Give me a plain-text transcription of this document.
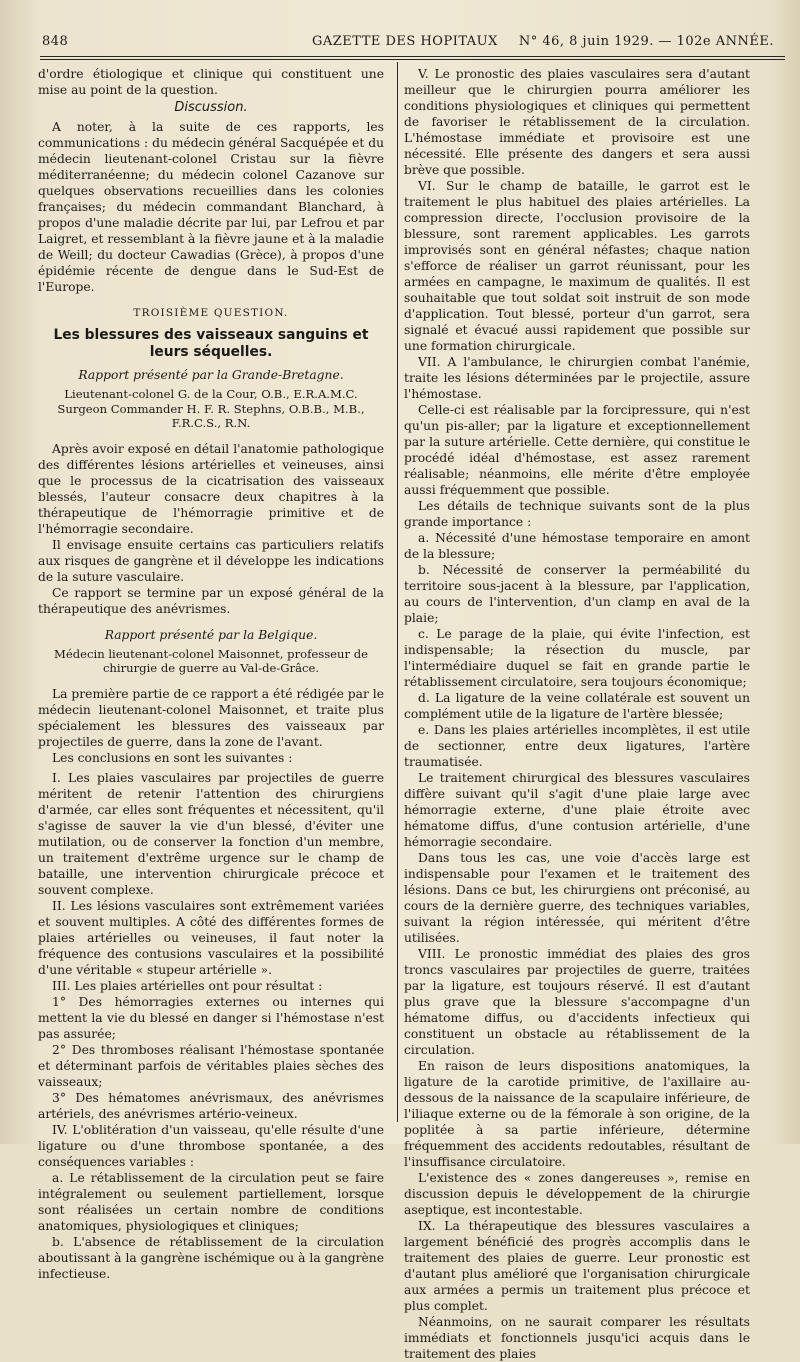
848	GAZETTE DES HOPITAUX N° 46, 8 juin 1929. — 102e ANNÉE.

d'ordre étiologique et clinique qui constituent une mise au point de la question.

Discussion.

A noter, à la suite de ces rapports, les communications : du médecin général Sacquépée et du médecin lieutenant-colonel Cristau sur la fièvre méditerranéenne; du médecin colonel Cazanove sur quelques observations recueillies dans les colonies françaises; du médecin commandant Blanchard, à propos d'une maladie décrite par lui, par Lefrou et par Laigret, et ressemblant à la fièvre jaune et à la maladie de Weill; du docteur Cawadias (Grèce), à propos d'une épidémie récente de dengue dans le Sud-Est de l'Europe.

TROISIÈME QUESTION.
Les blessures des vaisseaux sanguins et leurs séquelles.
Rapport présenté par la Grande-Bretagne.
Lieutenant-colonel G. de la Cour, O.B., E.R.A.M.C. Surgeon Commander H. F. R. Stephns, O.B.B., M.B., F.R.C.S., R.N.

Après avoir exposé en détail l'anatomie pathologique des différentes lésions artérielles et veineuses, ainsi que le processus de la cicatrisation des vaisseaux blessés, l'auteur consacre deux chapitres à la thérapeutique de l'hémorragie primitive et de l'hémorragie secondaire.

Il envisage ensuite certains cas particuliers relatifs aux risques de gangrène et il développe les indications de la suture vasculaire.

Ce rapport se termine par un exposé général de la thérapeutique des anévrismes.

Rapport présenté par la Belgique.
Médecin lieutenant-colonel Maisonnet, professeur de chirurgie de guerre au Val-de-Grâce.

La première partie de ce rapport a été rédigée par le médecin lieutenant-colonel Maisonnet, et traite plus spécialement les blessures des vaisseaux par projectiles de guerre, dans la zone de l'avant.

Les conclusions en sont les suivantes :

I. Les plaies vasculaires par projectiles de guerre méritent de retenir l'attention des chirurgiens d'armée, car elles sont fréquentes et nécessitent, qu'il s'agisse de sauver la vie d'un blessé, d'éviter une mutilation, ou de conserver la fonction d'un membre, un traitement d'extrême urgence sur le champ de bataille, une intervention chirurgicale précoce et souvent complexe.

II. Les lésions vasculaires sont extrêmement variées et souvent multiples. A côté des différentes formes de plaies artérielles ou veineuses, il faut noter la fréquence des contusions vasculaires et la possibilité d'une véritable « stupeur artérielle ».

III. Les plaies artérielles ont pour résultat :

1° Des hémorragies externes ou internes qui mettent la vie du blessé en danger si l'hémostase n'est pas assurée;

2° Des thromboses réalisant l'hémostase spontanée et déterminant parfois de véritables plaies sèches des vaisseaux;

3° Des hématomes anévrismaux, des anévrismes artériels, des anévrismes artério-veineux.

IV. L'oblitération d'un vaisseau, qu'elle résulte d'une ligature ou d'une thrombose spontanée, a des conséquences variables :

a. Le rétablissement de la circulation peut se faire intégralement ou seulement partiellement, lorsque sont réalisées un certain nombre de conditions anatomiques, physiologiques et cliniques;

b. L'absence de rétablissement de la circulation aboutissant à la gangrène ischémique ou à la gangrène infectieuse.

V. Le pronostic des plaies vasculaires sera d'autant meilleur que le chirurgien pourra améliorer les conditions physiologiques et cliniques qui permettent de favoriser le rétablissement de la circulation. L'hémostase immédiate et provisoire est une nécessité. Elle présente des dangers et sera aussi brève que possible.

VI. Sur le champ de bataille, le garrot est le traitement le plus habituel des plaies artérielles. La compression directe, l'occlusion provisoire de la blessure, sont rarement applicables. Les garrots improvisés sont en général néfastes; chaque nation s'efforce de réaliser un garrot réunissant, pour les armées en campagne, le maximum de qualités. Il est souhaitable que tout soldat soit instruit de son mode d'application. Tout blessé, porteur d'un garrot, sera signalé et évacué aussi rapidement que possible sur une formation chirurgicale.

VII. A l'ambulance, le chirurgien combat l'anémie, traite les lésions déterminées par le projectile, assure l'hémostase.

Celle-ci est réalisable par la forcipressure, qui n'est qu'un pis-aller; par la ligature et exceptionnellement par la suture artérielle. Cette dernière, qui constitue le procédé idéal d'hémostase, est assez rarement réalisable; néanmoins, elle mérite d'être employée aussi fréquemment que possible.

Les détails de technique suivants sont de la plus grande importance :

a. Nécessité d'une hémostase temporaire en amont de la blessure;

b. Nécessité de conserver la perméabilité du territoire sous-jacent à la blessure, par l'application, au cours de l'intervention, d'un clamp en aval de la plaie;

c. Le parage de la plaie, qui évite l'infection, est indispensable; la résection du muscle, par l'intermédiaire duquel se fait en grande partie le rétablissement circulatoire, sera toujours économique;

d. La ligature de la veine collatérale est souvent un complément utile de la ligature de l'artère blessée;

e. Dans les plaies artérielles incomplètes, il est utile de sectionner, entre deux ligatures, l'artère traumatisée.

Le traitement chirurgical des blessures vasculaires diffère suivant qu'il s'agit d'une plaie large avec hémorragie externe, d'une plaie étroite avec hématome diffus, d'une contusion artérielle, d'une hémorragie secondaire.

Dans tous les cas, une voie d'accès large est indispensable pour l'examen et le traitement des lésions. Dans ce but, les chirurgiens ont préconisé, au cours de la dernière guerre, des techniques variables, suivant la région intéressée, qui méritent d'être utilisées.

VIII. Le pronostic immédiat des plaies des gros troncs vasculaires par projectiles de guerre, traitées par la ligature, est toujours réservé. Il est d'autant plus grave que la blessure s'accompagne d'un hématome diffus, ou d'accidents infectieux qui constituent un obstacle au rétablissement de la circulation.

En raison de leurs dispositions anatomiques, la ligature de la carotide primitive, de l'axillaire au-dessous de la naissance de la scapulaire inférieure, de l'iliaque externe ou de la fémorale à son origine, de la poplitée à sa partie inférieure, détermine fréquemment des accidents redoutables, résultant de l'insuffisance circulatoire.

L'existence des « zones dangereuses », remise en discussion depuis le développement de la chirurgie aseptique, est incontestable.

IX. La thérapeutique des blessures vasculaires a largement bénéficié des progrès accomplis dans le traitement des plaies de guerre. Leur pronostic est d'autant plus amélioré que l'organisation chirurgicale aux armées a permis un traitement plus précoce et plus complet.

Néanmoins, on ne saurait comparer les résultats immédiats et fonctionnels jusqu'ici acquis dans le traitement des plaies
